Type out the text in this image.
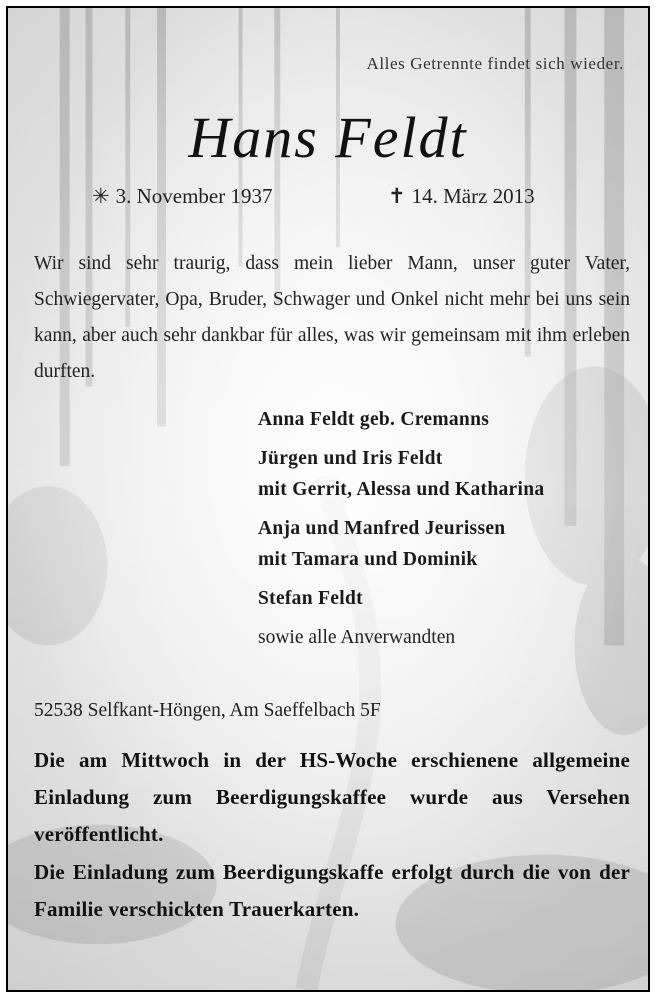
Alles Getrennte findet sich wieder.
Hans Feldt
✳ 3. November 1937	✝ 14. März 2013
Wir sind sehr traurig, dass mein lieber Mann, unser guter Vater, Schwiegervater, Opa, Bruder, Schwager und Onkel nicht mehr bei uns sein kann, aber auch sehr dankbar für alles, was wir gemeinsam mit ihm erleben durften.
Anna Feldt geb. Cremanns
Jürgen und Iris Feldt
mit Gerrit, Alessa und Katharina
Anja und Manfred Jeurissen
mit Tamara und Dominik
Stefan Feldt
sowie alle Anverwandten
52538 Selfkant-Höngen, Am Saeffelbach 5F
Die am Mittwoch in der HS-Woche erschienene allgemeine Einladung zum Beerdigungskaffee wurde aus Versehen veröffentlicht.
Die Einladung zum Beerdigungskaffe erfolgt durch die von der Familie verschickten Trauerkarten.
